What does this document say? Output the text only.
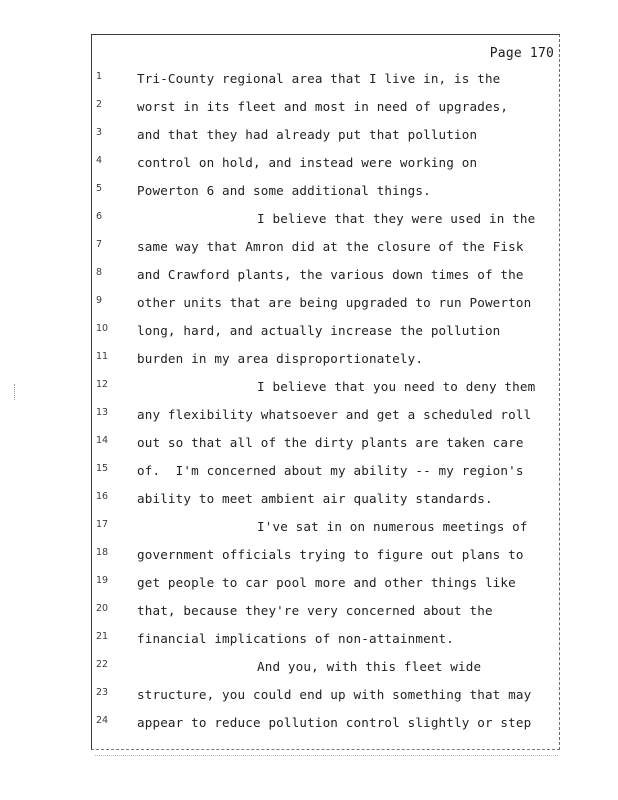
Page 170
1	Tri-County regional area that I live in, is the
2	worst in its fleet and most in need of upgrades,
3	and that they had already put that pollution
4	control on hold, and instead were working on
5	Powerton 6 and some additional things.
6	I believe that they were used in the
7	same way that Amron did at the closure of the Fisk
8	and Crawford plants, the various down times of the
9	other units that are being upgraded to run Powerton
10	long, hard, and actually increase the pollution
11	burden in my area disproportionately.
12	I believe that you need to deny them
13	any flexibility whatsoever and get a scheduled roll
14	out so that all of the dirty plants are taken care
15	of.  I'm concerned about my ability -- my region's
16	ability to meet ambient air quality standards.
17	I've sat in on numerous meetings of
18	government officials trying to figure out plans to
19	get people to car pool more and other things like
20	that, because they're very concerned about the
21	financial implications of non-attainment.
22	And you, with this fleet wide
23	structure, you could end up with something that may
24	appear to reduce pollution control slightly or step
